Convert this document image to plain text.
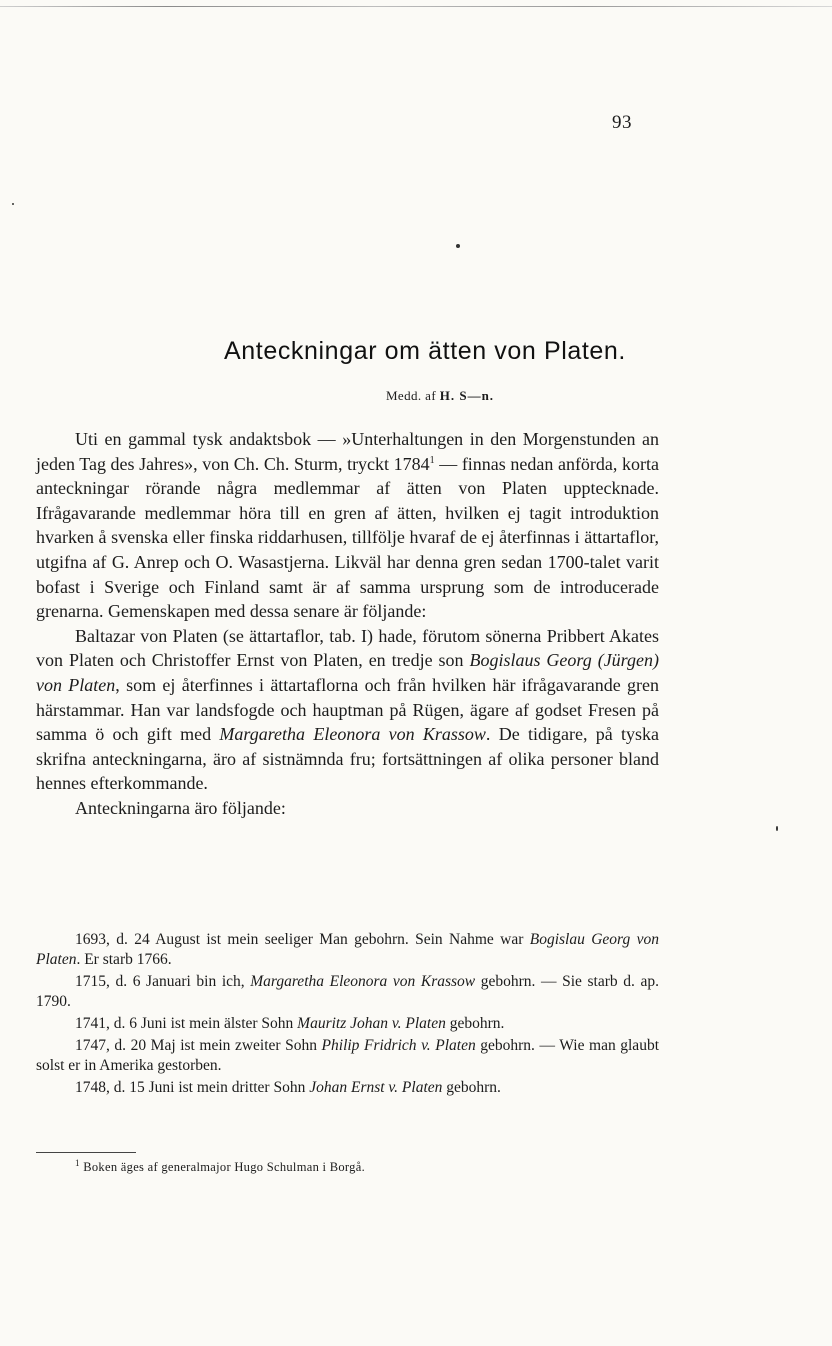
93
Anteckningar om ätten von Platen.
Medd. af H. S—n.

Uti en gammal tysk andaktsbok — »Unterhaltungen in den Morgenstunden an jeden Tag des Jahres», von Ch. Ch. Sturm, tryckt 1784$^1$ — finnas nedan anförda, korta anteckningar rörande några medlemmar af ätten von Platen upptecknade. Ifrågavarande medlemmar höra till en gren af ätten, hvilken ej tagit introduktion hvarken å svenska eller finska riddarhusen, tillfölje hvaraf de ej återfinnas i ättartaflor, utgifna af G. Anrep och O. Wasastjerna. Likväl har denna gren sedan 1700-talet varit bofast i Sverige och Finland samt är af samma ursprung som de introducerade grenarna. Gemenskapen med dessa senare är följande:

Baltazar von Platen (se ättartaflor, tab. I) hade, förutom sönerna Pribbert Akates von Platen och Christoffer Ernst von Platen, en tredje son Bogislaus Georg (Jürgen) von Platen, som ej återfinnes i ättartaflorna och från hvilken här ifrågavarande gren härstammar. Han var landsfogde och hauptman på Rügen, ägare af godset Fresen på samma ö och gift med Margaretha Eleonora von Krassow. De tidigare, på tyska skrifna anteckningarna, äro af sistnämnda fru; fortsättningen af olika personer bland hennes efterkommande.

Anteckningarna äro följande:

1693, d. 24 August ist mein seeliger Man gebohrn. Sein Nahme war Bogislau Georg von Platen. Er starb 1766.

1715, d. 6 Januari bin ich, Margaretha Eleonora von Krassow gebohrn. — Sie starb d. ap. 1790.

1741, d. 6 Juni ist mein älster Sohn Mauritz Johan v. Platen gebohrn.

1747, d. 20 Maj ist mein zweiter Sohn Philip Fridrich v. Platen gebohrn. — Wie man glaubt solst er in Amerika gestorben.

1748, d. 15 Juni ist mein dritter Sohn Johan Ernst v. Platen gebohrn.

$^1$ Boken äges af generalmajor Hugo Schulman i Borgå.
